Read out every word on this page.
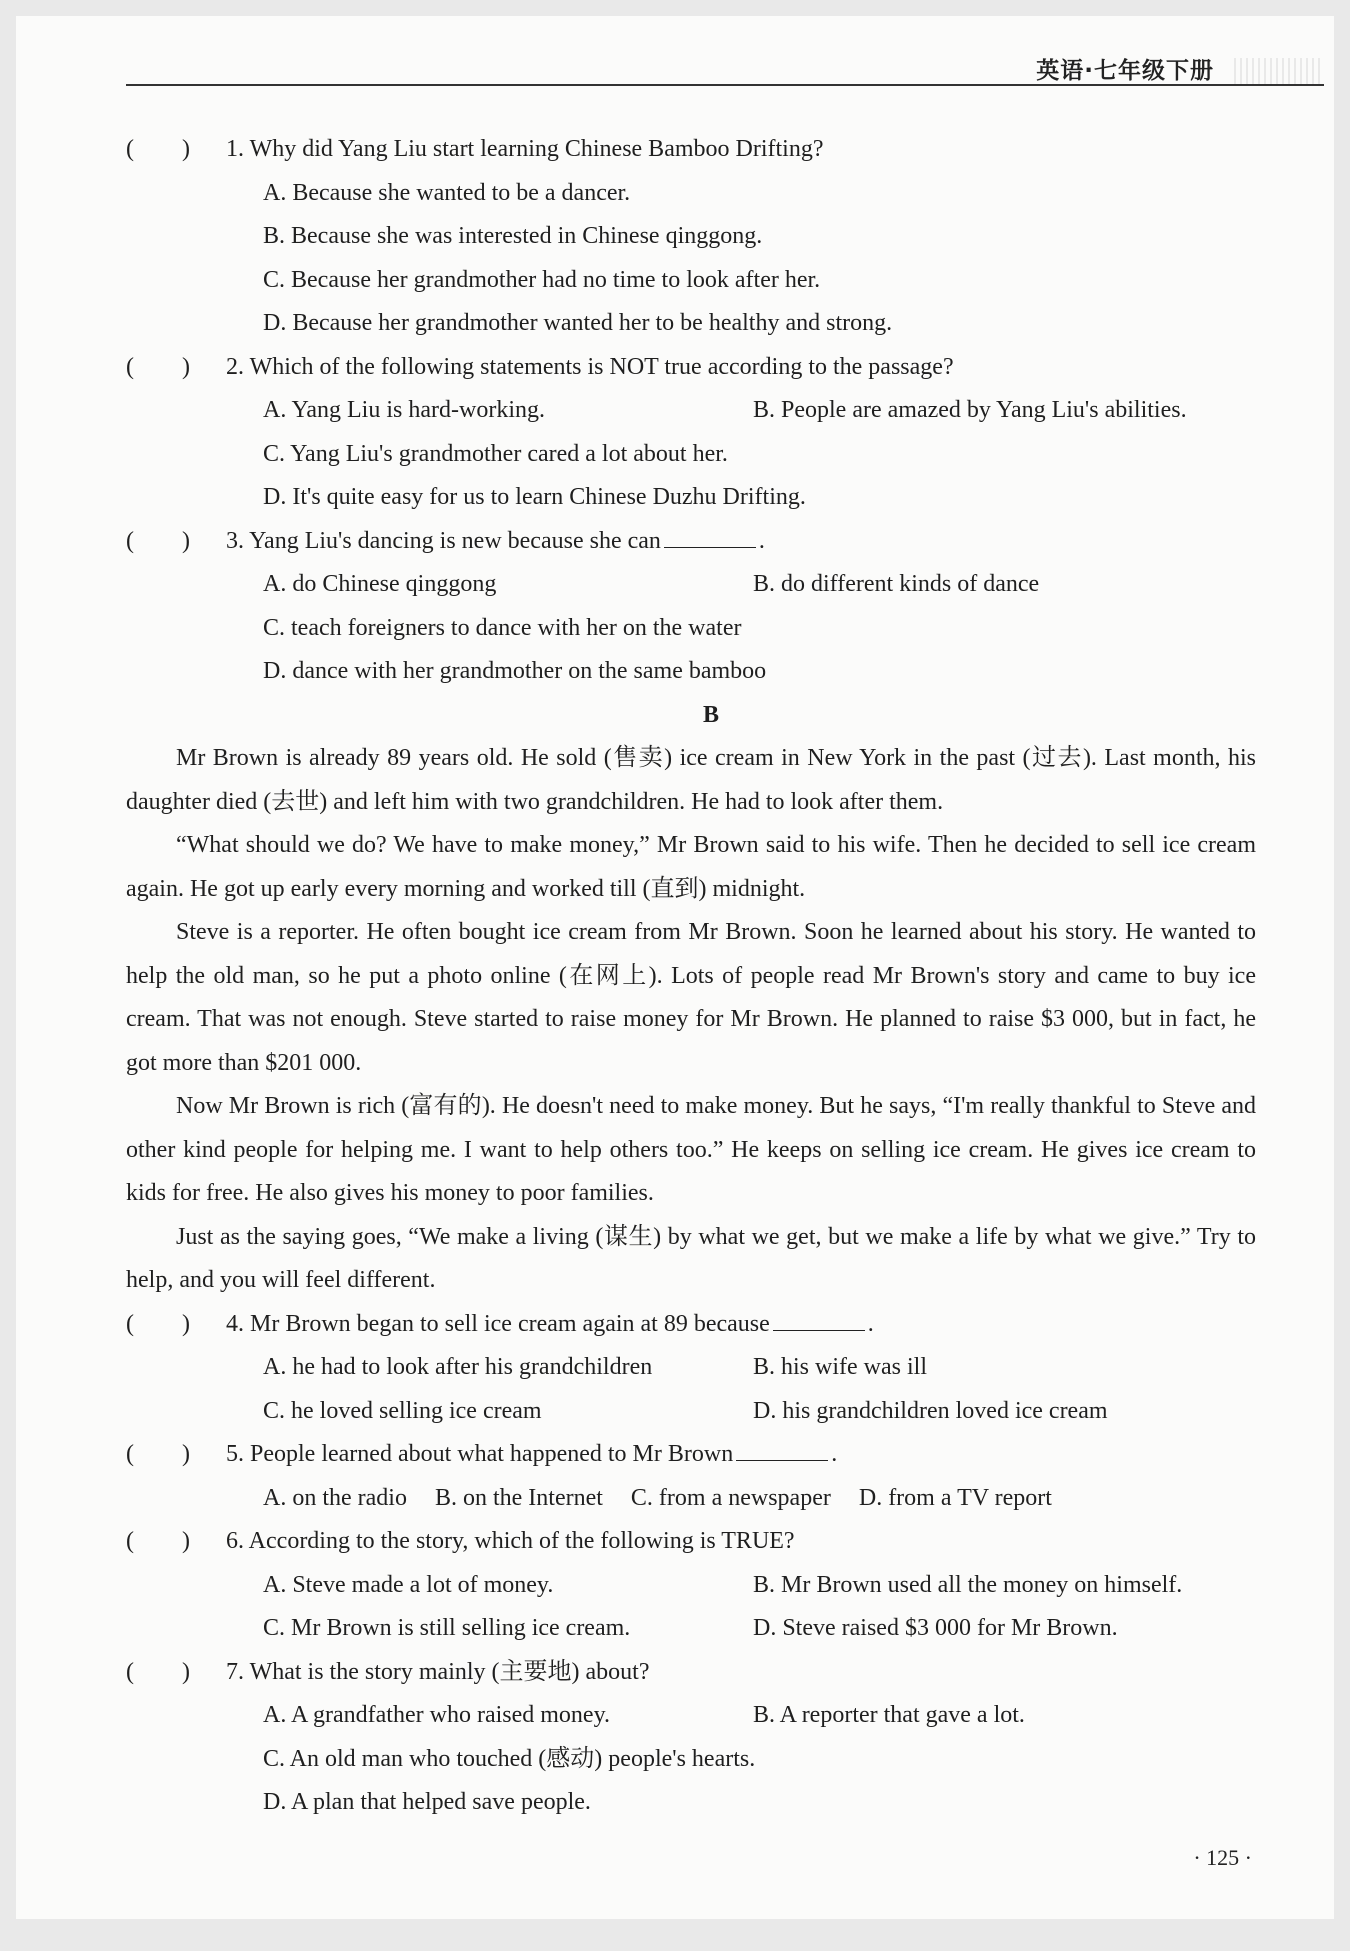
英语·七年级下册
(　　)	1. Why did Yang Liu start learning Chinese Bamboo Drifting?
A. Because she wanted to be a dancer.
B. Because she was interested in Chinese qinggong.
C. Because her grandmother had no time to look after her.
D. Because her grandmother wanted her to be healthy and strong.
(　　)	2. Which of the following statements is NOT true according to the passage?
A. Yang Liu is hard-working.	B. People are amazed by Yang Liu's abilities.
C. Yang Liu's grandmother cared a lot about her.
D. It's quite easy for us to learn Chinese Duzhu Drifting.
(　　)	3. Yang Liu's dancing is new because she can	.
A. do Chinese qinggong	B. do different kinds of dance
C. teach foreigners to dance with her on the water
D. dance with her grandmother on the same bamboo
B

Mr Brown is already 89 years old. He sold (售卖) ice cream in New York in the past (过去). Last month, his daughter died (去世) and left him with two grandchildren. He had to look after them.

“What should we do? We have to make money,” Mr Brown said to his wife. Then he decided to sell ice cream again. He got up early every morning and worked till (直到) midnight.

Steve is a reporter. He often bought ice cream from Mr Brown. Soon he learned about his story. He wanted to help the old man, so he put a photo online (在网上). Lots of people read Mr Brown's story and came to buy ice cream. That was not enough. Steve started to raise money for Mr Brown. He planned to raise $3 000, but in fact, he got more than $201 000.

Now Mr Brown is rich (富有的). He doesn't need to make money. But he says, “I'm really thankful to Steve and other kind people for helping me. I want to help others too.” He keeps on selling ice cream. He gives ice cream to kids for free. He also gives his money to poor families.

Just as the saying goes, “We make a living (谋生) by what we get, but we make a life by what we give.” Try to help, and you will feel different.

(　　)	4. Mr Brown began to sell ice cream again at 89 because	.
A. he had to look after his grandchildren	B. his wife was ill
C. he loved selling ice cream	D. his grandchildren loved ice cream
(　　)	5. People learned about what happened to Mr Brown	.
A. on the radio B. on the Internet C. from a newspaper D. from a TV report
(　　)	6. According to the story, which of the following is TRUE?
A. Steve made a lot of money.	B. Mr Brown used all the money on himself.
C. Mr Brown is still selling ice cream.	D. Steve raised $3 000 for Mr Brown.
(　　)	7. What is the story mainly (主要地) about?
A. A grandfather who raised money.	B. A reporter that gave a lot.
C. An old man who touched (感动) people's hearts.
D. A plan that helped save people.
· 125 ·
